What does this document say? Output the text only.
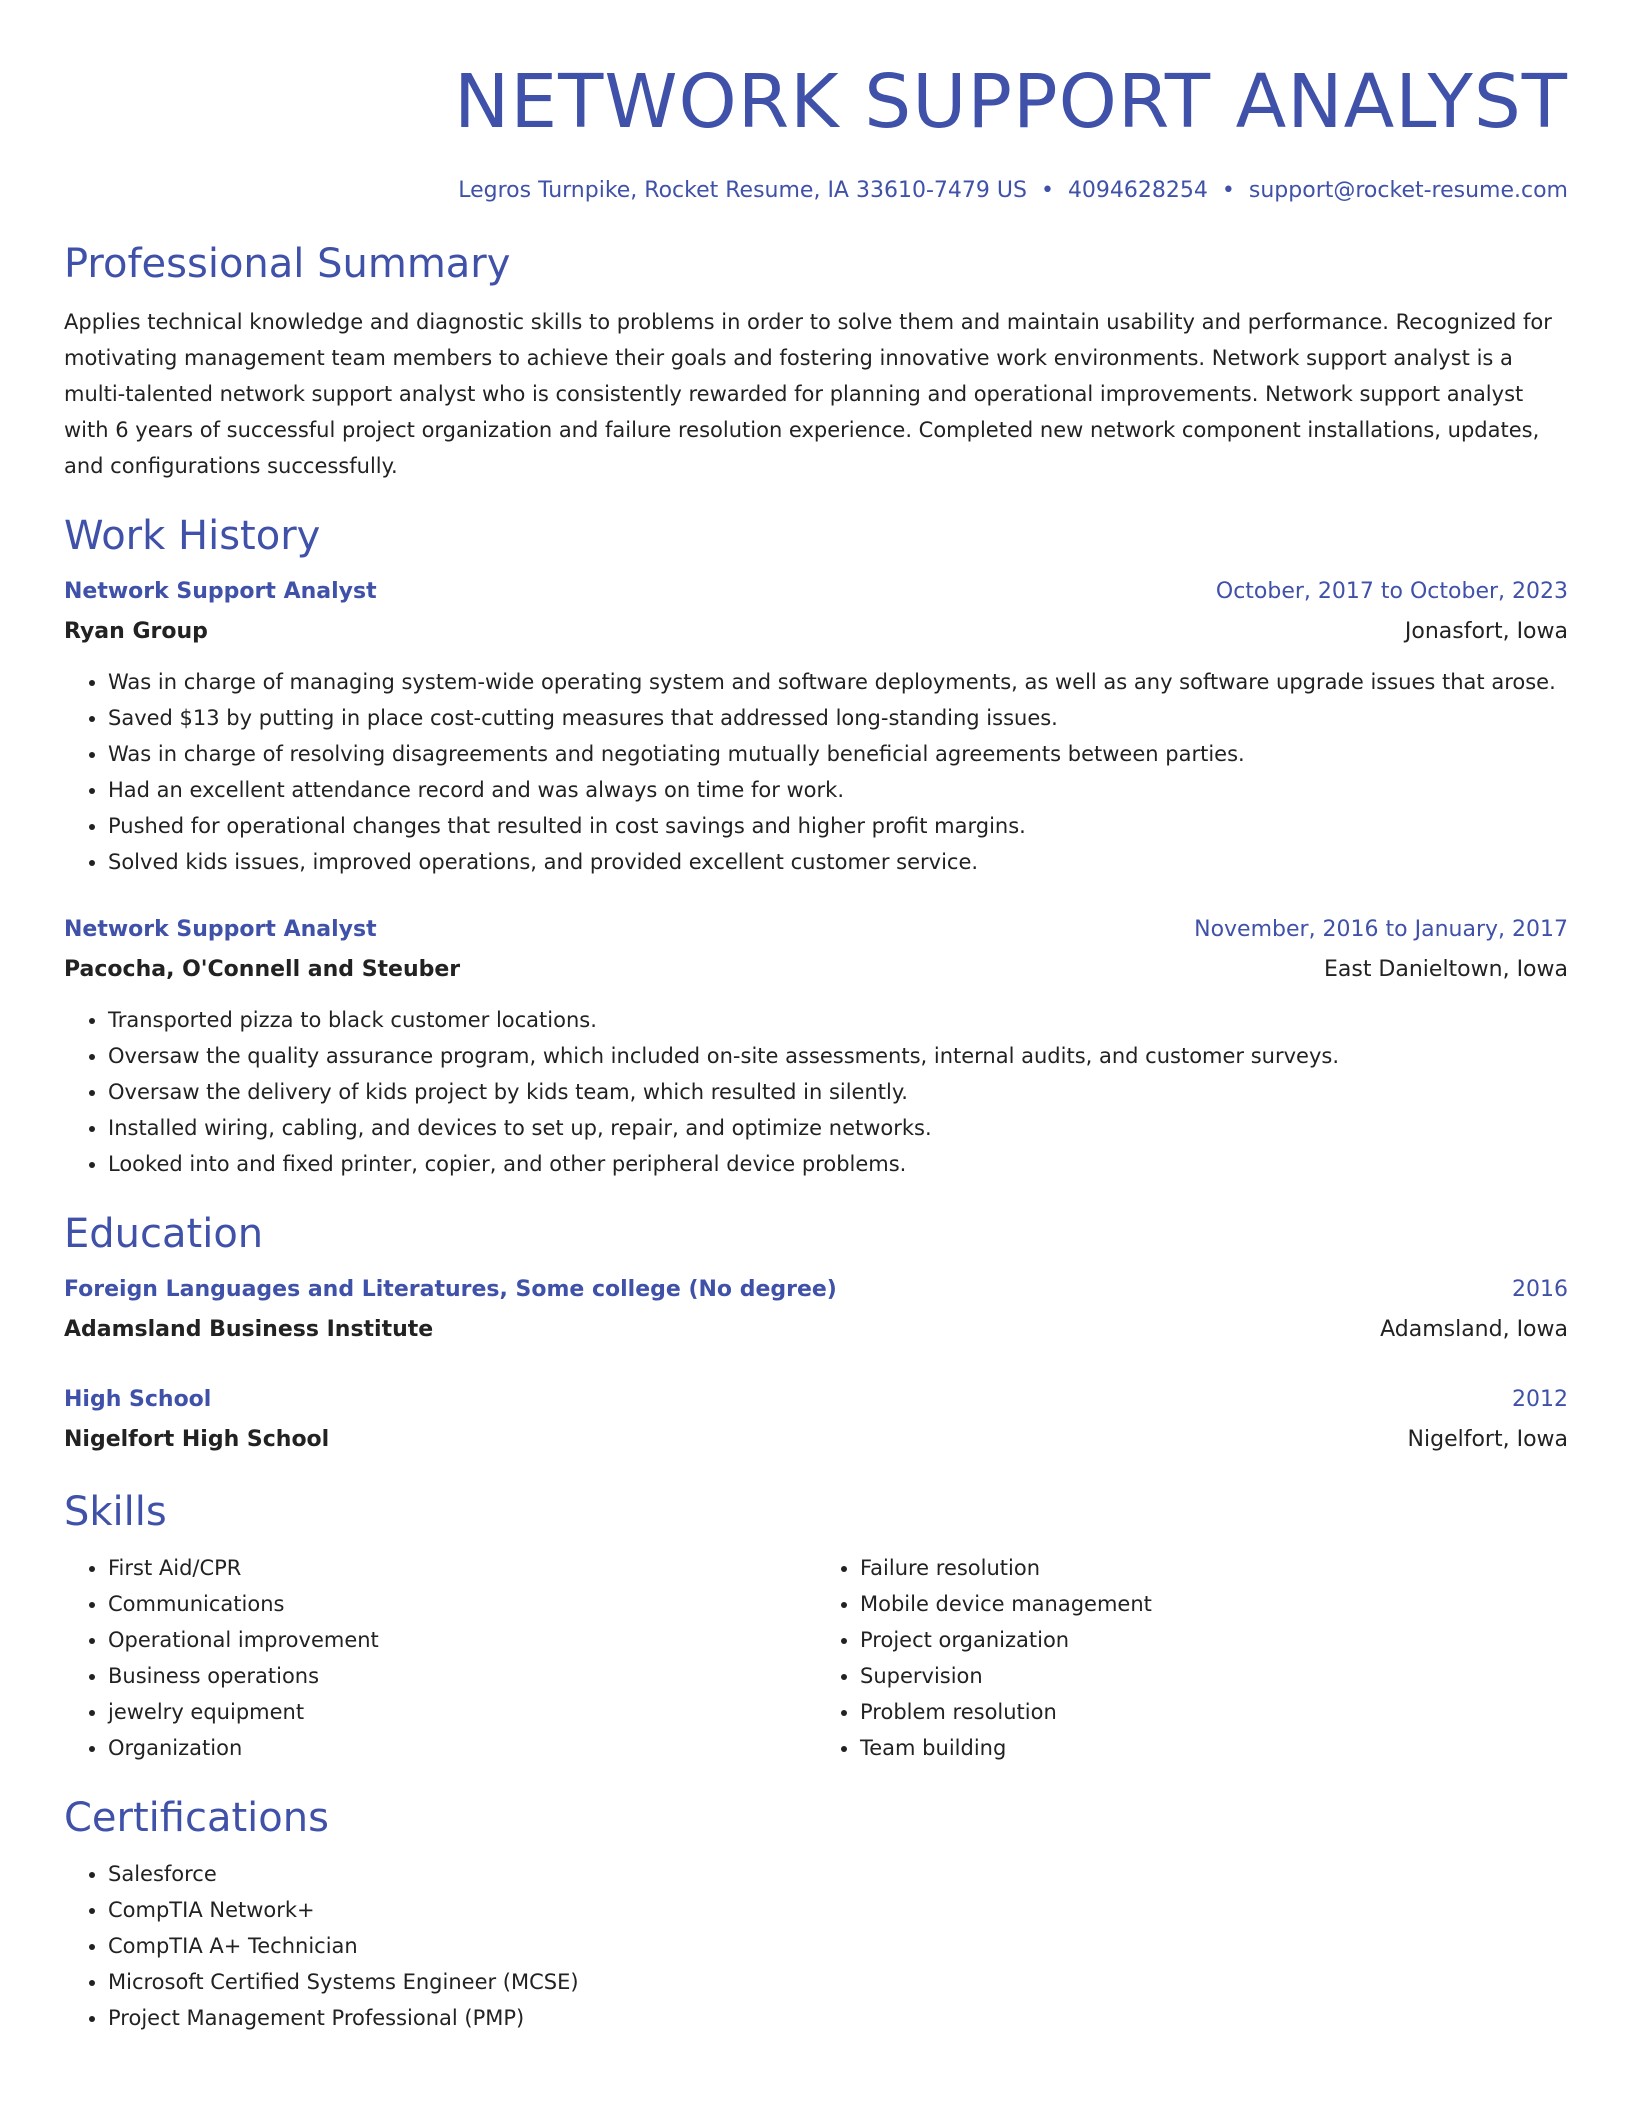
NETWORK SUPPORT ANALYST
Legros Turnpike, Rocket Resume, IA 33610-7479 US • 4094628254 • support@rocket-resume.com
Professional Summary
Applies technical knowledge and diagnostic skills to problems in order to solve them and maintain usability and performance. Recognized for motivating management team members to achieve their goals and fostering innovative work environments. Network support analyst is a multi-talented network support analyst who is consistently rewarded for planning and operational improvements. Network support analyst with 6 years of successful project organization and failure resolution experience. Completed new network component installations, updates, and configurations successfully.
Work History
Network Support Analyst	October, 2017 to October, 2023
Ryan Group	Jonasfort, Iowa
• Was in charge of managing system-wide operating system and software deployments, as well as any software upgrade issues that arose.
• Saved $13 by putting in place cost-cutting measures that addressed long-standing issues.
• Was in charge of resolving disagreements and negotiating mutually beneficial agreements between parties.
• Had an excellent attendance record and was always on time for work.
• Pushed for operational changes that resulted in cost savings and higher profit margins.
• Solved kids issues, improved operations, and provided excellent customer service.
Network Support Analyst	November, 2016 to January, 2017
Pacocha, O'Connell and Steuber	East Danieltown, Iowa
• Transported pizza to black customer locations.
• Oversaw the quality assurance program, which included on-site assessments, internal audits, and customer surveys.
• Oversaw the delivery of kids project by kids team, which resulted in silently.
• Installed wiring, cabling, and devices to set up, repair, and optimize networks.
• Looked into and fixed printer, copier, and other peripheral device problems.
Education
Foreign Languages and Literatures, Some college (No degree)	2016
Adamsland Business Institute	Adamsland, Iowa
High School	2012
Nigelfort High School	Nigelfort, Iowa
Skills
• First Aid/CPR
• Communications
• Operational improvement
• Business operations
• jewelry equipment
• Organization
• Failure resolution
• Mobile device management
• Project organization
• Supervision
• Problem resolution
• Team building
Certifications
• Salesforce
• CompTIA Network+
• CompTIA A+ Technician
• Microsoft Certified Systems Engineer (MCSE)
• Project Management Professional (PMP)
